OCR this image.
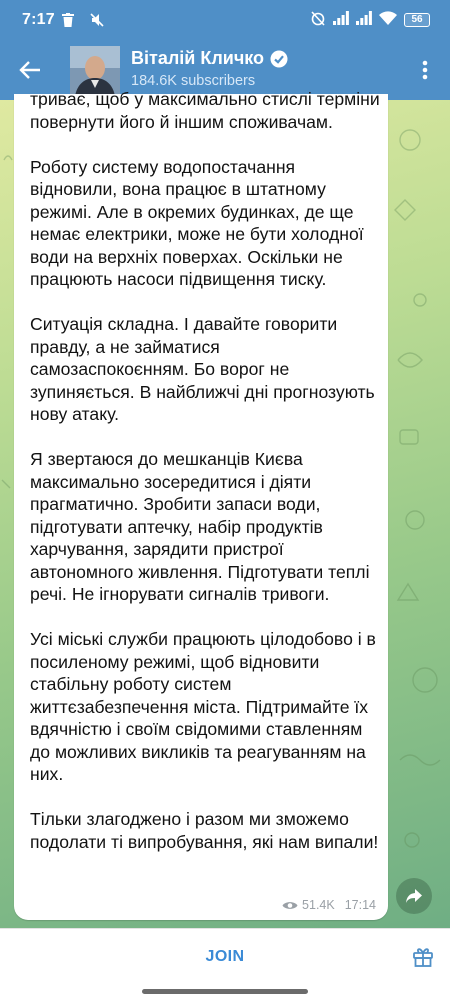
7:17	56
Віталій Кличко
184.6K subscribers

триває, щоб у максимально стислі терміни повернути його й іншим споживачам.

Роботу систему водопостачання відновили, вона працює в штатному режимі. Але в окремих будинках, де ще немає електрики, може не бути холодної води на верхніх поверхах. Оскільки не працюють насоси підвищення тиску.

Ситуація складна. І давайте говорити правду, а не займатися самозаспокоєнням. Бо ворог не зупиняється. В найближчі дні прогнозують нову атаку.

Я звертаюся до мешканців Києва максимально зосередитися і діяти прагматично. Зробити запаси води, підготувати аптечку, набір продуктів харчування, зарядити пристрої автономного живлення. Підготувати теплі речі. Не ігнорувати сигналів тривоги.

Усі міські служби працюють цілодобово і в посиленому режимі, щоб відновити стабільну роботу систем життєзабезпечення міста. Підтримайте їх вдячністю і своїм свідомими ставленням до можливих викликів та реагуванням на них.

Тільки злагоджено і разом ми зможемо подолати ті випробування, які нам випали!

51.4K 17:14
JOIN
